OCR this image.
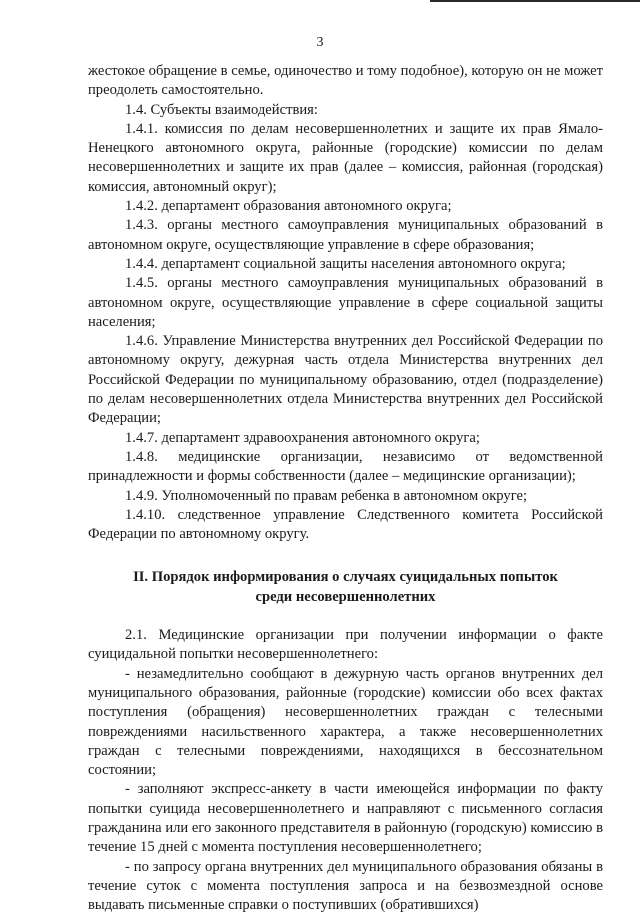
3

жестокое обращение в семье, одиночество и тому подобное), которую он не может преодолеть самостоятельно.

1.4. Субъекты взаимодействия:

1.4.1. комиссия по делам несовершеннолетних и защите их прав Ямало-Ненецкого автономного округа, районные (городские) комиссии по делам несовершеннолетних и защите их прав (далее – комиссия, районная (городская) комиссия, автономный округ);

1.4.2. департамент образования автономного округа;

1.4.3. органы местного самоуправления муниципальных образований в автономном округе, осуществляющие управление в сфере образования;

1.4.4. департамент социальной защиты населения автономного округа;

1.4.5. органы местного самоуправления муниципальных образований в автономном округе, осуществляющие управление в сфере социальной защиты населения;

1.4.6. Управление Министерства внутренних дел Российской Федерации по автономному округу, дежурная часть отдела Министерства внутренних дел Российской Федерации по муниципальному образованию, отдел (подразделение) по делам несовершеннолетних отдела Министерства внутренних дел Российской Федерации;

1.4.7. департамент здравоохранения автономного округа;

1.4.8. медицинские организации, независимо от ведомственной принадлежности и формы собственности (далее – медицинские организации);

1.4.9. Уполномоченный по правам ребенка в автономном округе;

1.4.10. следственное управление Следственного комитета Российской Федерации по автономному округу.

II. Порядок информирования о случаях суицидальных попыток
среди несовершеннолетних

2.1. Медицинские организации при получении информации о факте суицидальной попытки несовершеннолетнего:

- незамедлительно сообщают в дежурную часть органов внутренних дел муниципального образования, районные (городские) комиссии обо всех фактах поступления (обращения) несовершеннолетних граждан с телесными повреждениями насильственного характера, а также несовершеннолетних граждан с телесными повреждениями, находящихся в бессознательном состоянии;

- заполняют экспресс-анкету в части имеющейся информации по факту попытки суицида несовершеннолетнего и направляют с письменного согласия гражданина или его законного представителя в районную (городскую) комиссию в течение 15 дней с момента поступления несовершеннолетнего;

- по запросу органа внутренних дел муниципального образования обязаны в течение суток с момента поступления запроса и на безвозмездной основе выдавать письменные справки о поступивших (обратившихся)
